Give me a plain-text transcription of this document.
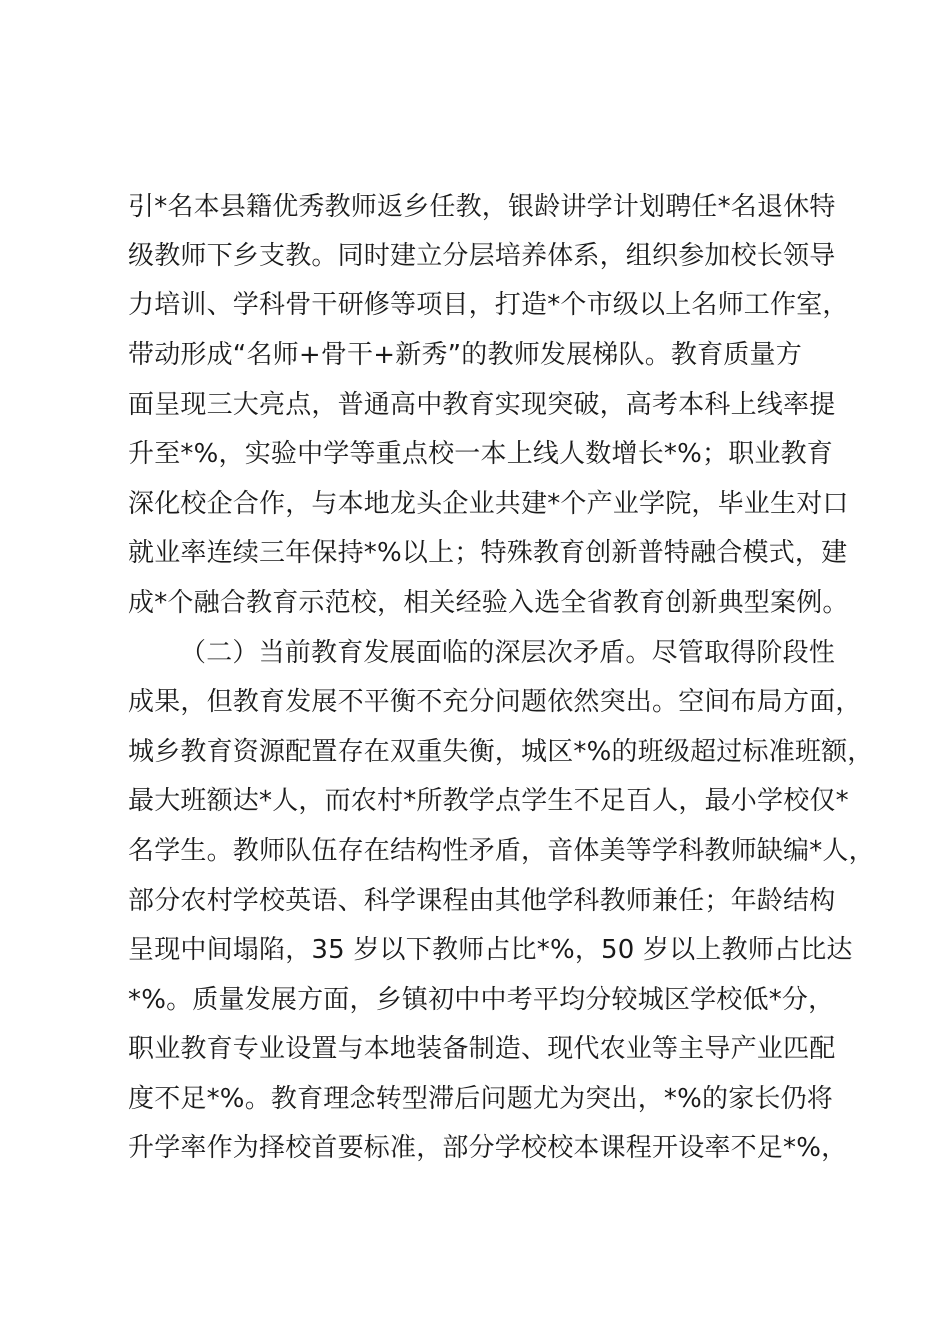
引*名本县籍优秀教师返乡任教，银龄讲学计划聘任*名退休特
级教师下乡支教。同时建立分层培养体系，组织参加校长领导
力培训、学科骨干研修等项目，打造*个市级以上名师工作室，
带动形成“名师+骨干+新秀”的教师发展梯队。教育质量方
面呈现三大亮点，普通高中教育实现突破，高考本科上线率提
升至*%，实验中学等重点校一本上线人数增长*%；职业教育
深化校企合作，与本地龙头企业共建*个产业学院，毕业生对口
就业率连续三年保持*%以上；特殊教育创新普特融合模式，建
成*个融合教育示范校，相关经验入选全省教育创新典型案例。
（二）当前教育发展面临的深层次矛盾。尽管取得阶段性
成果，但教育发展不平衡不充分问题依然突出。空间布局方面，
城乡教育资源配置存在双重失衡，城区*%的班级超过标准班额，
最大班额达*人，而农村*所教学点学生不足百人，最小学校仅*
名学生。教师队伍存在结构性矛盾，音体美等学科教师缺编*人，
部分农村学校英语、科学课程由其他学科教师兼任；年龄结构
呈现中间塌陷，35 岁以下教师占比*%，50 岁以上教师占比达
*%。质量发展方面，乡镇初中中考平均分较城区学校低*分，
职业教育专业设置与本地装备制造、现代农业等主导产业匹配
度不足*%。教育理念转型滞后问题尤为突出，*%的家长仍将
升学率作为择校首要标准，部分学校校本课程开设率不足*%，
